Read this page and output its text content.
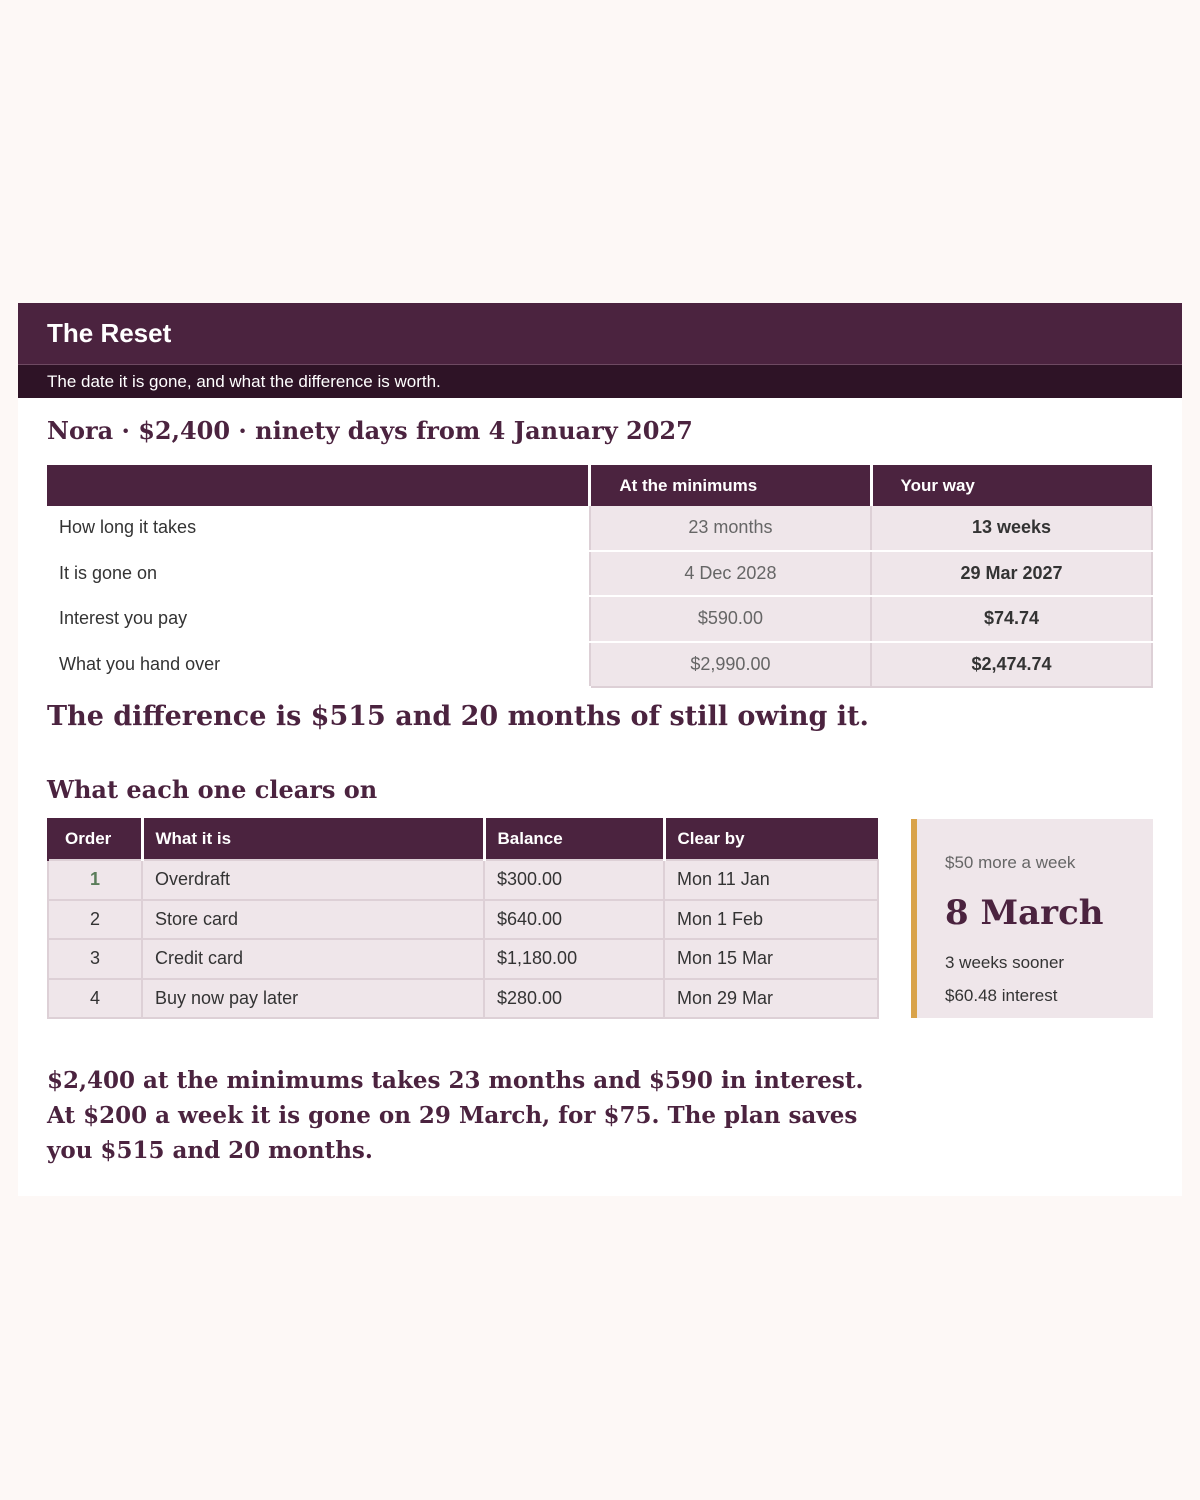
The Reset
The date it is gone, and what the difference is worth.
Nora · $2,400 · ninety days from 4 January 2027
	At the minimums	Your way
How long it takes	23 months	13 weeks
It is gone on	4 Dec 2028	29 Mar 2027
Interest you pay	$590.00	$74.74
What you hand over	$2,990.00	$2,474.74
The difference is $515 and 20 months of still owing it.
What each one clears on
Order	What it is	Balance	Clear by
1	Overdraft	$300.00	Mon 11 Jan
2	Store card	$640.00	Mon 1 Feb
3	Credit card	$1,180.00	Mon 15 Mar
4	Buy now pay later	$280.00	Mon 29 Mar
$50 more a week
8 March
3 weeks sooner
$60.48 interest

$2,400 at the minimums takes 23 months and $590 in interest. At $200 a week it is gone on 29 March, for $75. The plan saves you $515 and 20 months.
